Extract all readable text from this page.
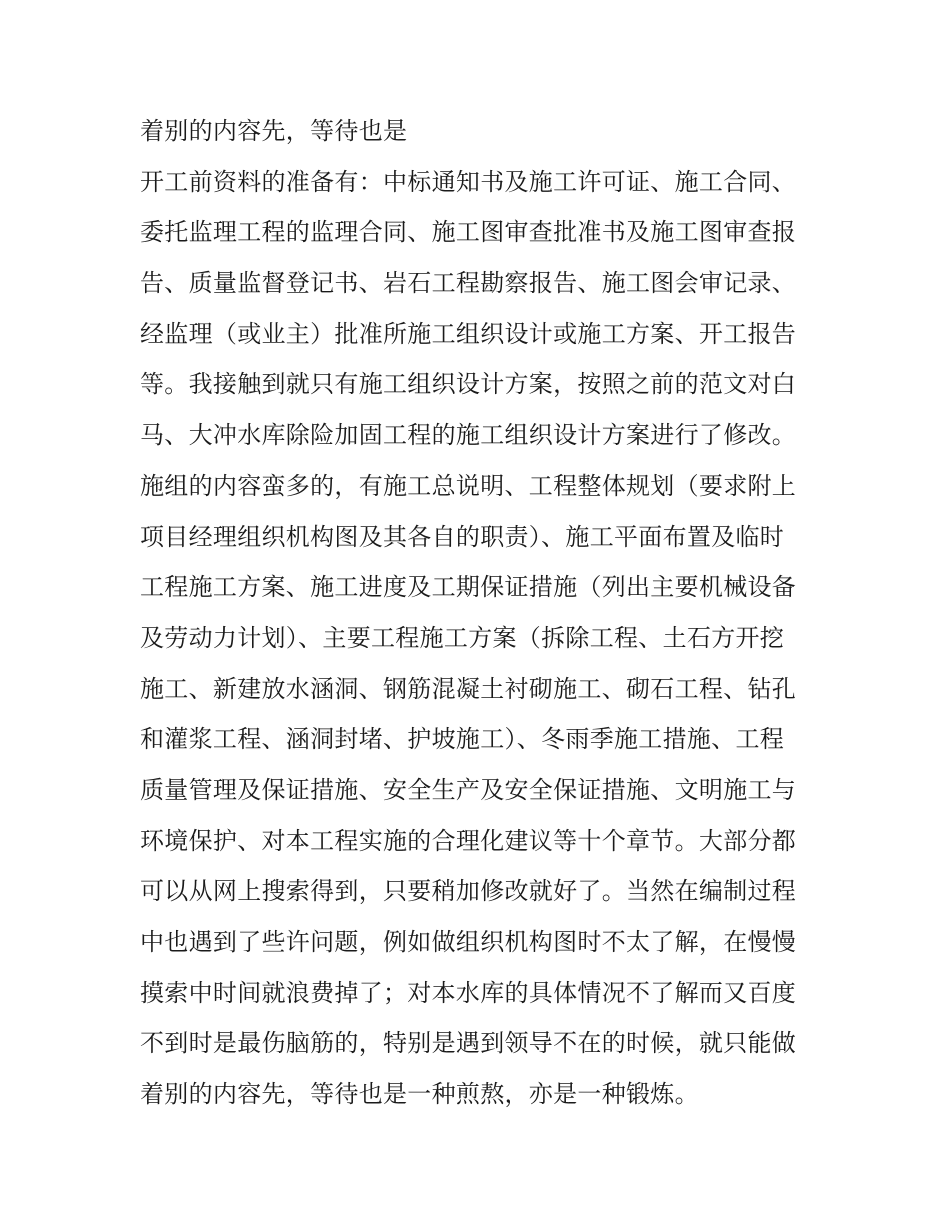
着别的内容先，等待也是
开工前资料的准备有：中标通知书及施工许可证、施工合同、
委托监理工程的监理合同、施工图审查批准书及施工图审查报
告、质量监督登记书、岩石工程勘察报告、施工图会审记录、
经监理（或业主）批准所施工组织设计或施工方案、开工报告
等。我接触到就只有施工组织设计方案，按照之前的范文对白
马、大冲水库除险加固工程的施工组织设计方案进行了修改。
施组的内容蛮多的，有施工总说明、工程整体规划（要求附上
项目经理组织机构图及其各自的职责）、施工平面布置及临时
工程施工方案、施工进度及工期保证措施（列出主要机械设备
及劳动力计划）、主要工程施工方案（拆除工程、土石方开挖
施工、新建放水涵洞、钢筋混凝土衬砌施工、砌石工程、钻孔
和灌浆工程、涵洞封堵、护坡施工）、冬雨季施工措施、工程
质量管理及保证措施、安全生产及安全保证措施、文明施工与
环境保护、对本工程实施的合理化建议等十个章节。大部分都
可以从网上搜索得到，只要稍加修改就好了。当然在编制过程
中也遇到了些许问题，例如做组织机构图时不太了解，在慢慢
摸索中时间就浪费掉了；对本水库的具体情况不了解而又百度
不到时是最伤脑筋的，特别是遇到领导不在的时候，就只能做
着别的内容先，等待也是一种煎熬，亦是一种锻炼。
